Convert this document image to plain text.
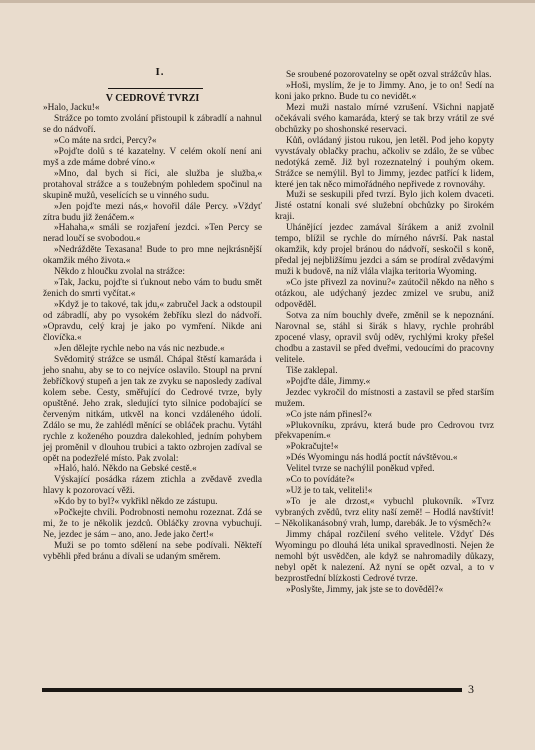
I.
V CEDROVÉ TVRZI

»Halo, Jacku!«

Strážce po tomto zvolání přistoupil k zábradlí a nahnul se do nádvoří.

»Co máte na srdci, Percy?«

»Pojďte dolů s té kazatelny. V celém okolí není ani myš a zde máme dobré víno.«

»Mno, dal bych si říci, ale služba je služba,« protahoval strážce a s toužebným pohledem spočinul na skupině mužů, veselících se u vinného sudu.

»Jen pojďte mezi nás,« hovořil dále Percy. »Vždyť zítra budu již ženáčem.«

»Hahaha,« smáli se rozjaření jezdci. »Ten Percy se nerad loučí se svobodou.«

»Nedrážděte Texasana! Bude to pro mne nejkrásnější okamžik mého života.«

Někdo z hloučku zvolal na strážce:

»Tak, Jacku, pojďte si ťuknout nebo vám to budu smět ženich do smrti vyčítat.«

»Když je to takové, tak jdu,« zabručel Jack a odstoupil od zábradlí, aby po vysokém žebříku slezl do nádvoří. »Opravdu, celý kraj je jako po vymření. Nikde ani človíčka.«

»Jen dělejte rychle nebo na vás nic nezbude.«

Svědomitý strážce se usmál. Chápal štěstí kamaráda i jeho snahu, aby se to co nejvíce oslavilo. Stoupl na první žebříčkový stupeň a jen tak ze zvyku se naposledy zadíval kolem sebe. Cesty, směřující do Cedrové tvrze, byly opuštěné. Jeho zrak, sledující tyto silnice podobající se červeným nitkám, utkvěl na konci vzdáleného údolí. Zdálo se mu, že zahlédl měnící se obláček prachu. Vytáhl rychle z koženého pouzdra dalekohled, jedním pohybem jej proměnil v dlouhou trubici a takto ozbrojen zadíval se opět na podezřelé místo. Pak zvolal:

»Haló, haló. Někdo na Gebské cestě.«

Výskající posádka rázem ztichla a zvědavě zvedla hlavy k pozorovací věži.

»Kdo by to byl?« vykřikl někdo ze zástupu.

»Počkejte chvíli. Podrobnosti nemohu rozeznat. Zdá se mi, že to je několik jezdců. Obláčky zrovna vybuchují. Ne, jezdec je sám – ano, ano. Jede jako čert!«

Muži se po tomto sdělení na sebe podívali. Někteří vyběhli před bránu a dívali se udaným směrem.

Se sroubené pozorovatelny se opět ozval strážcův hlas.

»Hoši, myslím, že je to Jimmy. Ano, je to on! Sedí na koni jako prkno. Bude tu co nevidět.«

Mezi muži nastalo mírné vzrušení. Všichni napjatě očekávali svého kamaráda, který se tak brzy vrátil ze své obchůzky po shoshonské reservaci.

Kůň, ovládaný jistou rukou, jen letěl. Pod jeho kopyty vyvstávaly oblačky prachu, ačkoliv se zdálo, že se vůbec nedotýká země. Již byl rozeznatelný i pouhým okem. Strážce se nemýlil. Byl to Jimmy, jezdec patřící k lidem, které jen tak něco mimořádného nepřivede z rovnováhy.

Muži se seskupili před tvrzí. Bylo jich kolem dvaceti. Jisté ostatní konali své služební obchůzky po širokém kraji.

Uhánějící jezdec zamával šírákem a aniž zvolnil tempo, blížil se rychle do mírného návrší. Pak nastal okamžik, kdy projel bránou do nádvoří, seskočil s koně, předal jej nejbližšímu jezdci a sám se prodíral zvědavými muži k budově, na níž vlála vlajka teritoria Wyoming.

»Co jste přivezl za novinu?« zaútočil někdo na něho s otázkou, ale udýchaný jezdec zmizel ve srubu, aniž odpověděl.

Sotva za ním bouchly dveře, změnil se k nepoznání. Narovnal se, stáhl si širák s hlavy, rychle prohrábl zpocené vlasy, opravil svůj oděv, rychlými kroky přešel chodbu a zastavil se před dveřmi, vedoucími do pracovny velitele.

Tiše zaklepal.

»Pojďte dále, Jimmy.«

Jezdec vykročil do místnosti a zastavil se před starším mužem.

»Co jste nám přinesl?«

»Plukovníku, zprávu, která bude pro Cedrovou tvrz překvapením.«

»Pokračujte!«

»Dés Wyomingu nás hodlá poctít návštěvou.«

Velitel tvrze se nachýlil poněkud vpřed.

»Co to povídáte?«

»Už je to tak, veliteli!«

»To je ale drzost,« vybuchl plukovník. »Tvrz vybraných zvědů, tvrz elity naší země! – Hodlá navštívit! – Několikanásobný vrah, lump, darebák. Je to výsměch?«

Jimmy chápal rozčilení svého velitele. Vždyť Dés Wyomingu po dlouhá léta unikal spravedlnosti. Nejen že nemohl být usvědčen, ale když se nahromadily důkazy, nebyl opět k nalezení. Až nyní se opět ozval, a to v bezprostřední blízkosti Cedrové tvrze.

»Poslyšte, Jimmy, jak jste se to dověděl?«

3
